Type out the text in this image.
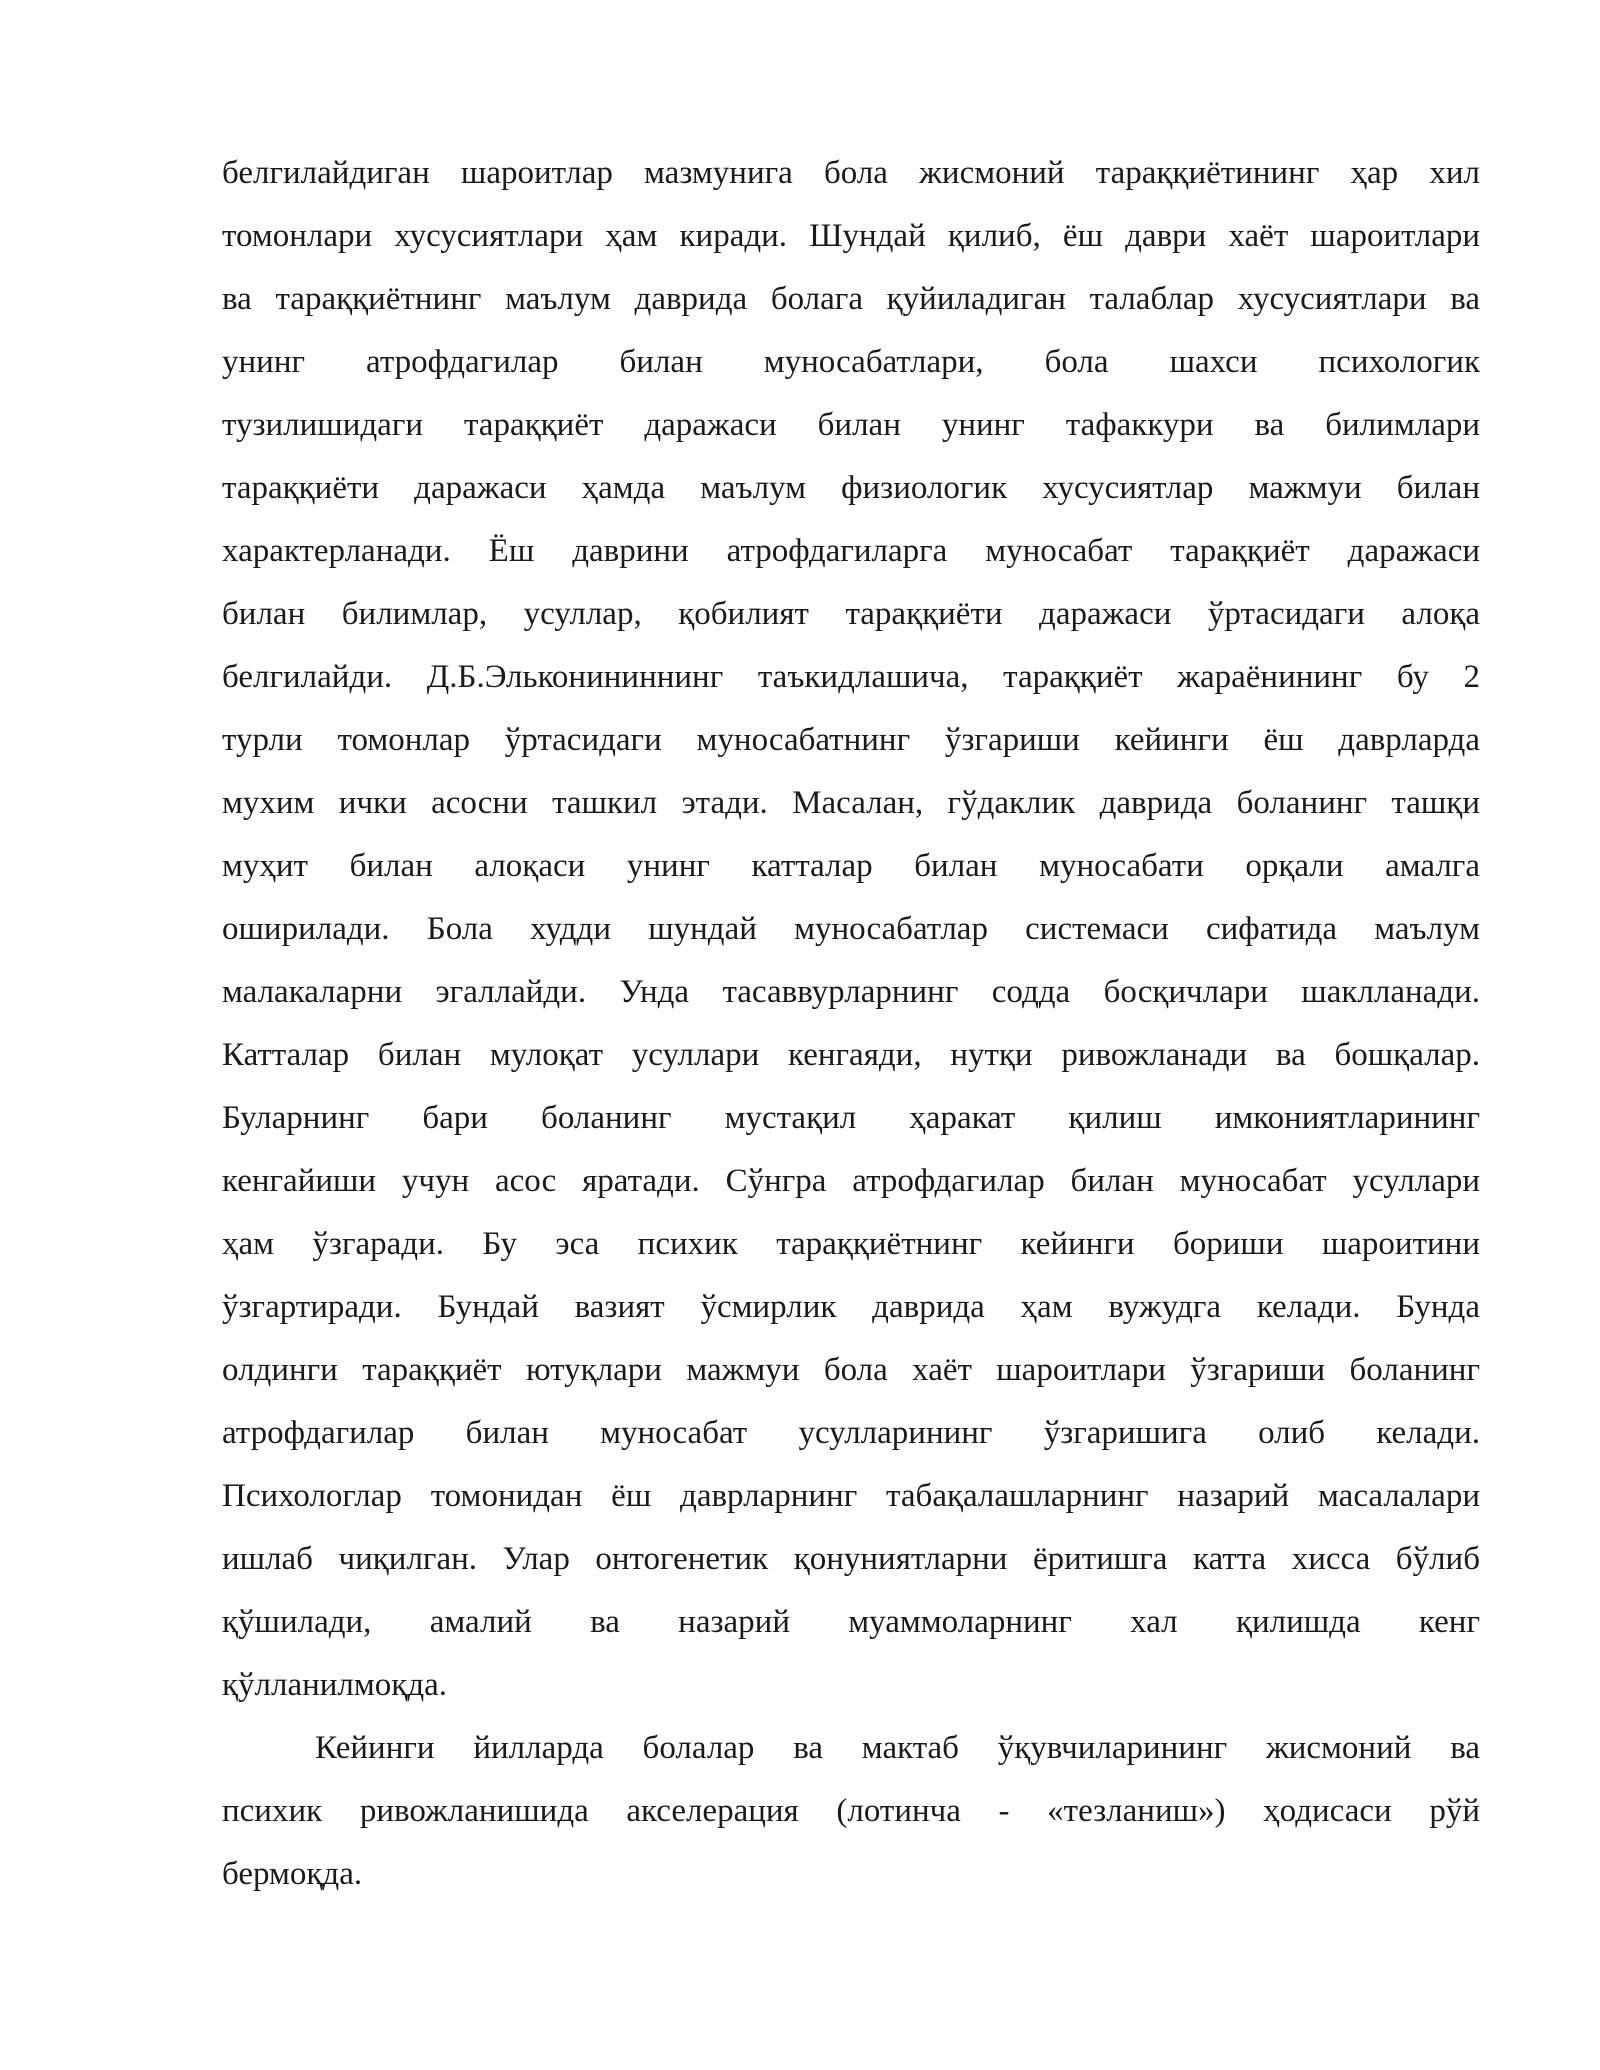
белгилайдиган шароитлар мазмунига бола жисмоний тараққиётининг ҳар хил
томонлари хусусиятлари ҳам киради. Шундай қилиб, ёш даври хаёт шароитлари
ва тараққиётнинг маълум даврида болага қуйиладиган талаблар хусусиятлари ва
унинг атрофдагилар билан муносабатлари, бола шахси психологик
тузилишидаги тараққиёт даражаси билан унинг тафаккури ва билимлари
тараққиёти даражаси ҳамда маълум физиологик хусусиятлар мажмуи билан
характерланади. Ёш даврини атрофдагиларга муносабат тараққиёт даражаси
билан билимлар, усуллар, қобилият тараққиёти даражаси ўртасидаги алоқа
белгилайди. Д.Б.Эльконининнинг таъкидлашича, тараққиёт жараёнининг бу 2
турли томонлар ўртасидаги муносабатнинг ўзгариши кейинги ёш даврларда
мухим ички асосни ташкил этади. Масалан, гўдаклик даврида боланинг ташқи
муҳит билан алоқаси унинг катталар билан муносабати орқали амалга
оширилади. Бола худди шундай муносабатлар системаси сифатида маълум
малакаларни эгаллайди. Унда тасаввурларнинг содда босқичлари шаклланади.
Катталар билан мулоқат усуллари кенгаяди, нутқи ривожланади ва бошқалар.
Буларнинг бари боланинг мустақил ҳаракат қилиш имкониятларининг
кенгайиши учун асос яратади. Сўнгра атрофдагилар билан муносабат усуллари
ҳам ўзгаради. Бу эса психик тараққиётнинг кейинги бориши шароитини
ўзгартиради. Бундай вазият ўсмирлик даврида ҳам вужудга келади. Бунда
олдинги тараққиёт ютуқлари мажмуи бола хаёт шароитлари ўзгариши боланинг
атрофдагилар билан муносабат усулларининг ўзгаришига олиб келади.
Психологлар томонидан ёш даврларнинг табақалашларнинг назарий масалалари
ишлаб чиқилган. Улар онтогенетик қонуниятларни ёритишга катта хисса бўлиб
қўшилади, амалий ва назарий муаммоларнинг хал қилишда кенг
қўлланилмоқда.
Кейинги йилларда болалар ва мактаб ўқувчиларининг жисмоний ва
психик ривожланишида акселерация (лотинча - «тезланиш») ҳодисаси рўй
бермоқда.
